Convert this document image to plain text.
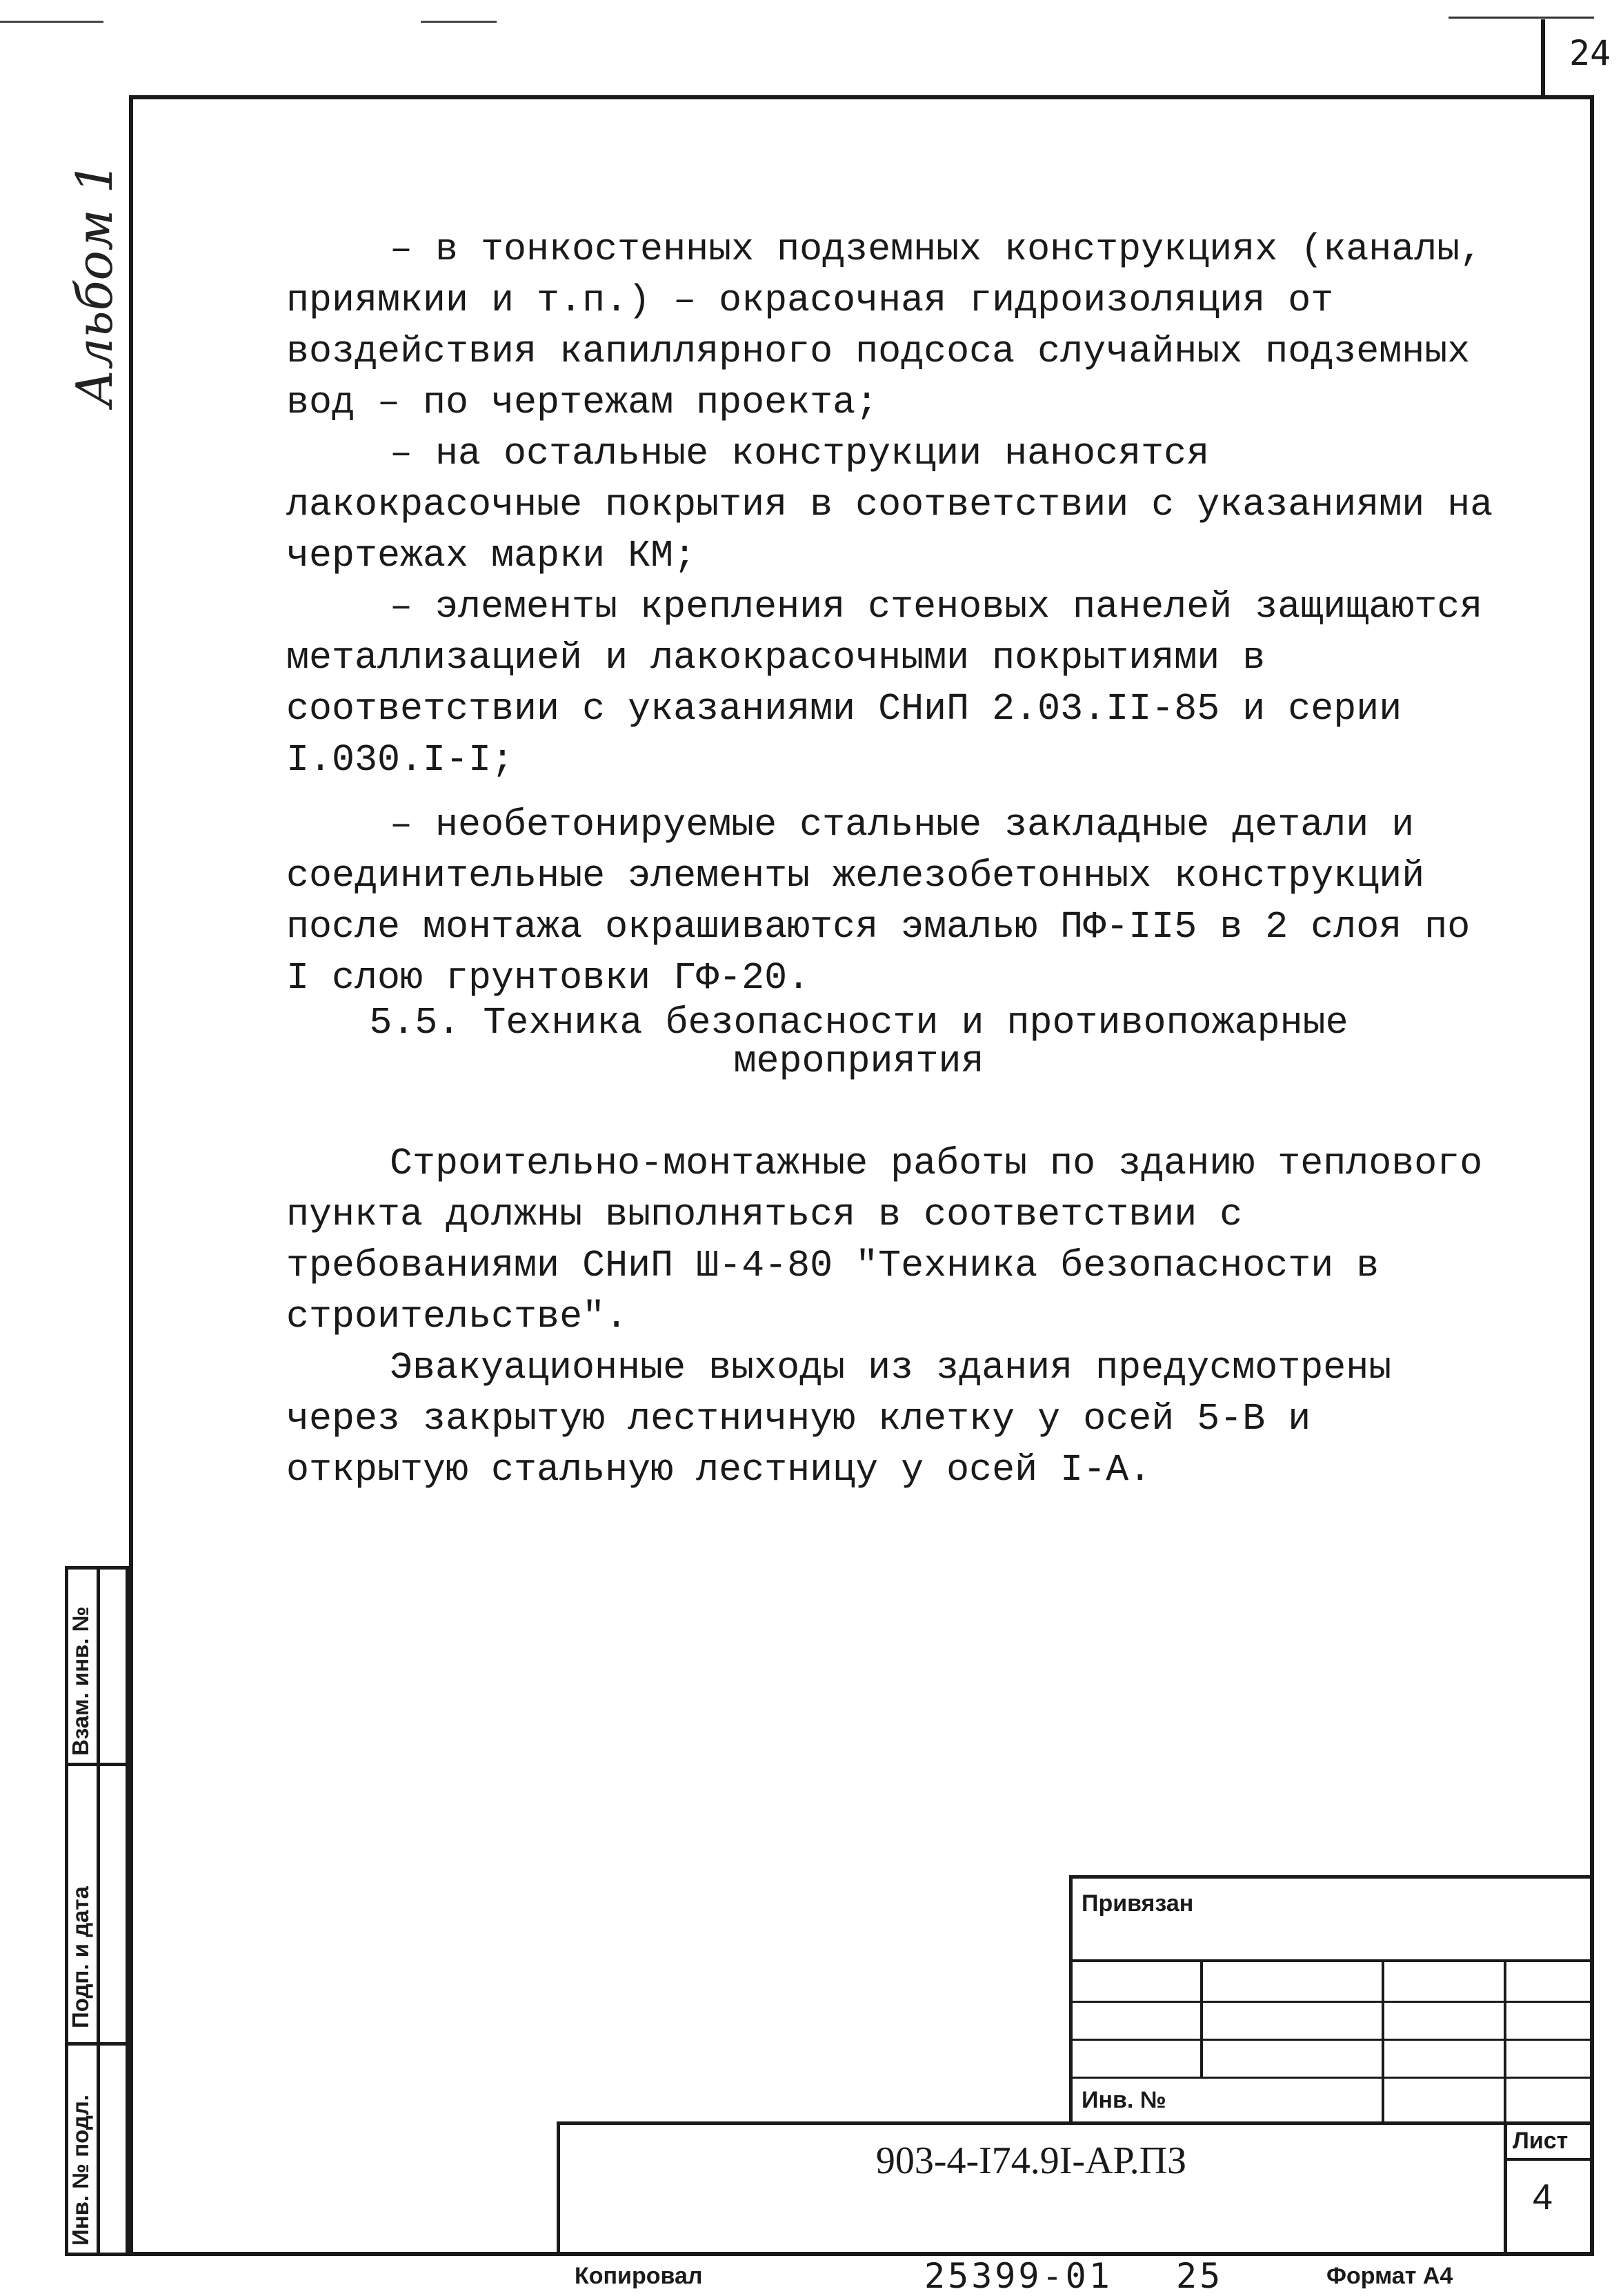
24
Альбом 1	– в тонкостенных подземных конструкциях (каналы, приямкии и т.п.) – окрасочная гидроизоляция от воздействия капиллярного подсоса случайных подземных вод – по чертежам проекта;

– на остальные конструкции наносятся лакокрасочные покрытия в соответствии с указаниями на чертежах марки КМ;

– элементы крепления стеновых панелей защищаются металлизацией и лакокрасочными покрытиями в соответствии с указаниями СНиП 2.03.II-85 и серии I.030.I-I;

– необетонируемые стальные закладные детали и соединительные элементы железобетонных конструкций после монтажа окрашиваются эмалью ПФ-II5 в 2 слоя по I слою грунтовки ГФ-20.

5.5. Техника безопасности и противопожарные
мероприятия

Строительно-монтажные работы по зданию теплового пункта должны выполняться в соответствии с требованиями СНиП Ш-4-80 "Техника безопасности в строительстве".

Эвакуационные выходы из здания предусмотрены через закрытую лестничную клетку у осей 5-В и открытую стальную лестницу у осей I-А.

Взам. инв. №
Подп. и дата
Инв. № подл.
Привязан
Инв. №
903-4-I74.9I-АР.ПЗ	Лист
4
Копировал	25399-01 25	Формат А4
